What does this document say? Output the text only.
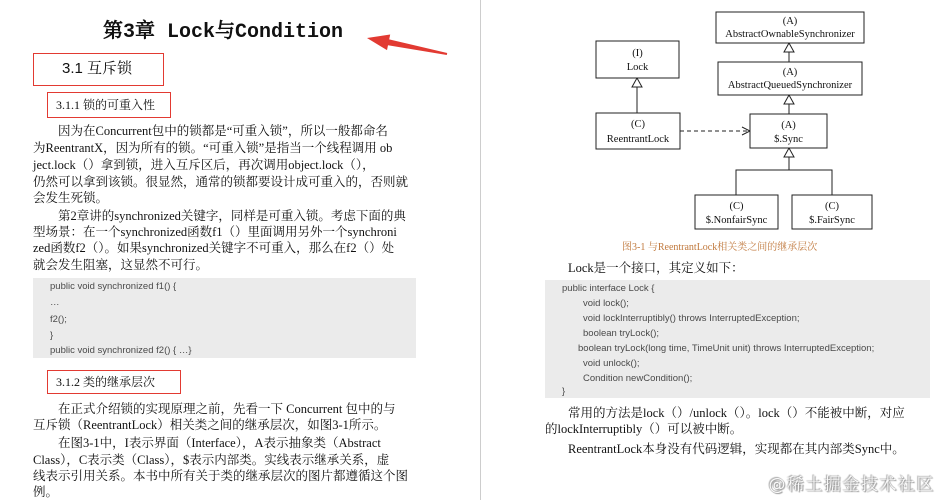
第3章 Lock与Condition
3.1 互斥锁
3.1.1 锁的可重入性
因为在Concurrent包中的锁都是“可重入锁”，所以一般都命名
为ReentrantX，因为所有的锁。“可重入锁”是指当一个线程调用 ob
ject.lock（）拿到锁，进入互斥区后，再次调用object.lock（），
仍然可以拿到该锁。很显然，通常的锁都要设计成可重入的，否则就
会发生死锁。
第2章讲的synchronized关键字，同样是可重入锁。考虑下面的典
型场景：在一个synchronized函数f1（）里面调用另外一个synchroni
zed函数f2（）。如果synchronized关键字不可重入，那么在f2（）处
就会发生阻塞，这显然不可行。
public void synchronized f1() {
…
f2();
}
public void synchronized f2() { …}
3.1.2 类的继承层次
在正式介绍锁的实现原理之前，先看一下 Concurrent 包中的与
互斥锁（ReentrantLock）相关类之间的继承层次，如图3-1所示。
在图3-1中，I表示界面（Interface），A表示抽象类（Abstract
Class），C表示类（Class），$表示内部类。实线表示继承关系，虚
线表示引用关系。本书中所有关于类的继承层次的图片都遵循这个图
例。
(A)
AbstractOwnableSynchronizer
(A)
AbstractQueuedSynchronizer
(I)
Lock
(C)
ReentrantLock
(A)
$.Sync
(C)
$.NonfairSync
(C)
$.FairSync
图3-1 与ReentrantLock相关类之间的继承层次
Lock是一个接口，其定义如下：
public interface Lock {
void lock();
void lockInterruptibly() throws InterruptedException;
boolean tryLock();
boolean tryLock(long time, TimeUnit unit) throws InterruptedException;
void unlock();
Condition newCondition();
}
常用的方法是lock（）/unlock（）。lock（）不能被中断，对应
的lockInterruptibly（）可以被中断。
ReentrantLock本身没有代码逻辑，实现都在其内部类Sync中。
@稀土掘金技术社区
